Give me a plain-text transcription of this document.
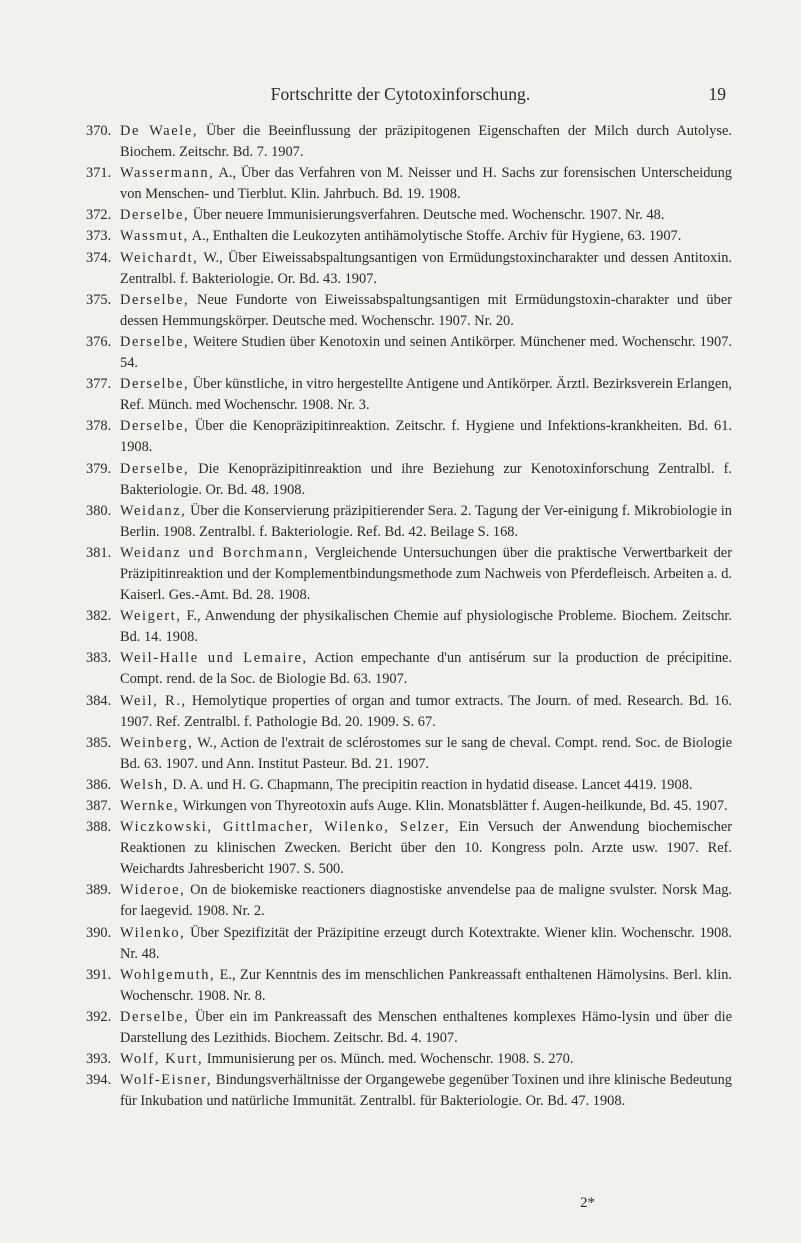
Fortschritte der Cytotoxinforschung.	19

370. De Waele, Über die Beeinflussung der präzipitogenen Eigenschaften der Milch durch Autolyse. Biochem. Zeitschr. Bd. 7. 1907.

371. Wassermann, A., Über das Verfahren von M. Neisser und H. Sachs zur forensischen Unterscheidung von Menschen- und Tierblut. Klin. Jahrbuch. Bd. 19. 1908.

372. Derselbe, Über neuere Immunisierungsverfahren. Deutsche med. Wochenschr. 1907. Nr. 48.

373. Wassmut, A., Enthalten die Leukozyten antihämolytische Stoffe. Archiv für Hygiene, 63. 1907.

374. Weichardt, W., Über Eiweissabspaltungsantigen von Ermüdungstoxincharakter und dessen Antitoxin. Zentralbl. f. Bakteriologie. Or. Bd. 43. 1907.

375. Derselbe, Neue Fundorte von Eiweissabspaltungsantigen mit Ermüdungstoxin-charakter und über dessen Hemmungskörper. Deutsche med. Wochenschr. 1907. Nr. 20.

376. Derselbe, Weitere Studien über Kenotoxin und seinen Antikörper. Münchener med. Wochenschr. 1907. 54.

377. Derselbe, Über künstliche, in vitro hergestellte Antigene und Antikörper. Ärztl. Bezirksverein Erlangen, Ref. Münch. med Wochenschr. 1908. Nr. 3.

378. Derselbe, Über die Kenopräzipitinreaktion. Zeitschr. f. Hygiene und Infektions-krankheiten. Bd. 61. 1908.

379. Derselbe, Die Kenopräzipitinreaktion und ihre Beziehung zur Kenotoxinforschung Zentralbl. f. Bakteriologie. Or. Bd. 48. 1908.

380. Weidanz, Über die Konservierung präzipitierender Sera. 2. Tagung der Ver-einigung f. Mikrobiologie in Berlin. 1908. Zentralbl. f. Bakteriologie. Ref. Bd. 42. Beilage S. 168.

381. Weidanz und Borchmann, Vergleichende Untersuchungen über die praktische Verwertbarkeit der Präzipitinreaktion und der Komplementbindungsmethode zum Nachweis von Pferdefleisch. Arbeiten a. d. Kaiserl. Ges.-Amt. Bd. 28. 1908.

382. Weigert, F., Anwendung der physikalischen Chemie auf physiologische Probleme. Biochem. Zeitschr. Bd. 14. 1908.

383. Weil-Halle und Lemaire, Action empechante d'un antisérum sur la production de précipitine. Compt. rend. de la Soc. de Biologie Bd. 63. 1907.

384. Weil, R., Hemolytique properties of organ and tumor extracts. The Journ. of med. Research. Bd. 16. 1907. Ref. Zentralbl. f. Pathologie Bd. 20. 1909. S. 67.

385. Weinberg, W., Action de l'extrait de sclérostomes sur le sang de cheval. Compt. rend. Soc. de Biologie Bd. 63. 1907. und Ann. Institut Pasteur. Bd. 21. 1907.

386. Welsh, D. A. und H. G. Chapmann, The precipitin reaction in hydatid disease. Lancet 4419. 1908.

387. Wernke, Wirkungen von Thyreotoxin aufs Auge. Klin. Monatsblätter f. Augen-heilkunde, Bd. 45. 1907.

388. Wiczkowski, Gittlmacher, Wilenko, Selzer, Ein Versuch der Anwendung biochemischer Reaktionen zu klinischen Zwecken. Bericht über den 10. Kongress poln. Arzte usw. 1907. Ref. Weichardts Jahresbericht 1907. S. 500.

389. Wideroe, On de biokemiske reactioners diagnostiske anvendelse paa de maligne svulster. Norsk Mag. for laegevid. 1908. Nr. 2.

390. Wilenko, Über Spezifizität der Präzipitine erzeugt durch Kotextrakte. Wiener klin. Wochenschr. 1908. Nr. 48.

391. Wohlgemuth, E., Zur Kenntnis des im menschlichen Pankreassaft enthaltenen Hämolysins. Berl. klin. Wochenschr. 1908. Nr. 8.

392. Derselbe, Über ein im Pankreassaft des Menschen enthaltenes komplexes Hämo-lysin und über die Darstellung des Lezithids. Biochem. Zeitschr. Bd. 4. 1907.

393. Wolf, Kurt, Immunisierung per os. Münch. med. Wochenschr. 1908. S. 270.

394. Wolf-Eisner, Bindungsverhältnisse der Organgewebe gegenüber Toxinen und ihre klinische Bedeutung für Inkubation und natürliche Immunität. Zentralbl. für Bakteriologie. Or. Bd. 47. 1908.

2*
